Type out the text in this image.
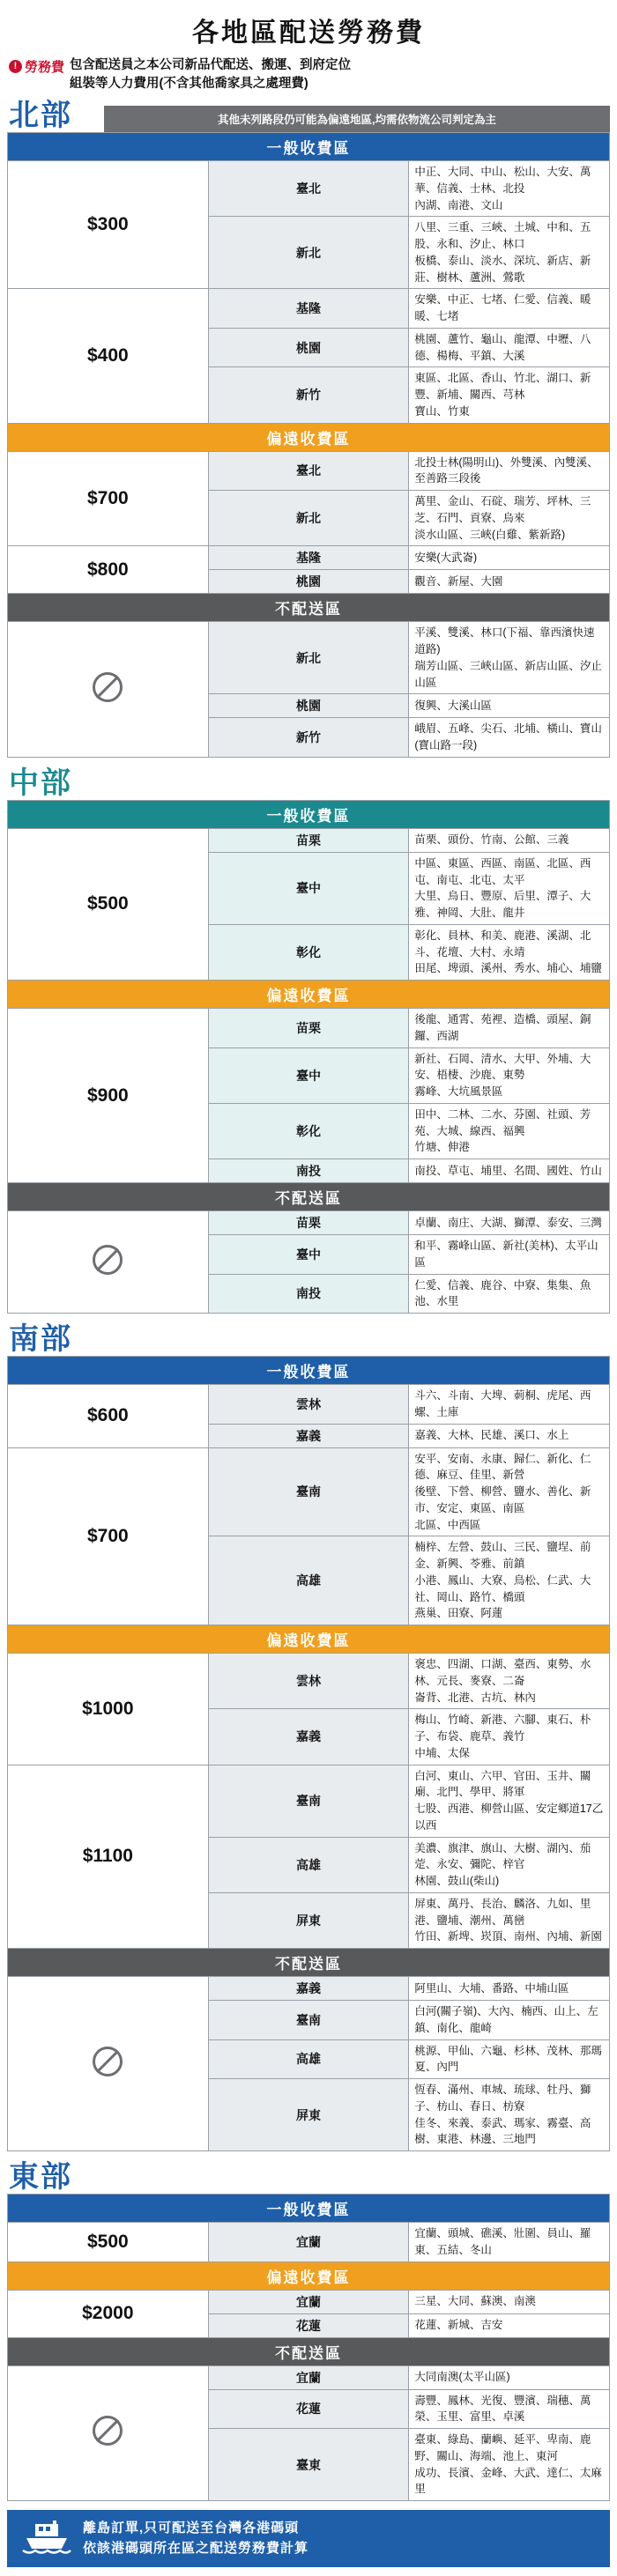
各地區配送勞務費
! 勞務費 包含配送員之本公司新品代配送、搬運、到府定位
組裝等人力費用(不含其他喬家具之處理費)
北部	其他未列路段仍可能為偏遠地區,均需依物流公司判定為主
一般收費區		
$300	臺北	中正、大同、中山、松山、大安、萬華、信義、士林、北投
內湖、南港、文山

	新北	八里、三重、三峽、土城、中和、五股、永和、汐止、林口
板橋、泰山、淡水、深坑、新店、新莊、樹林、蘆洲、鶯歌

$400	基隆	安樂、中正、七堵、仁愛、信義、暖暖、七堵

	桃園	桃園、蘆竹、龜山、龍潭、中壢、八德、楊梅、平鎮、大溪

	新竹	東區、北區、香山、竹北、湖口、新豐、新埔、關西、芎林
寶山、竹東

偏遠收費區		
$700	臺北	北投士林(陽明山)、外雙溪、內雙溪、至善路三段後

	新北	萬里、金山、石碇、瑞芳、坪林、三芝、石門、貢寮、烏來
淡水山區、三峽(白雞、紫新路)

$800	基隆	安樂(大武崙)

	桃園	觀音、新屋、大園

不配送區		
	新北	平溪、雙溪、林口(下福、靠西濱快速道路)
瑞芳山區、三峽山區、新店山區、汐止山區

	桃園	復興、大溪山區

	新竹	峨眉、五峰、尖石、北埔、橫山、寶山(寶山路一段)
中部
一般收費區		
$500	苗栗	苗栗、頭份、竹南、公館、三義

	臺中	中區、東區、西區、南區、北區、西屯、南屯、北屯、太平
大里、烏日、豐原、后里、潭子、大雅、神岡、大肚、龍井

	彰化	彰化、員林、和美、鹿港、溪湖、北斗、花壇、大村、永靖
田尾、埤頭、溪州、秀水、埔心、埔鹽

偏遠收費區		
$900	苗栗	後龍、通霄、苑裡、造橋、頭屋、銅鑼、西湖

	臺中	新社、石岡、清水、大甲、外埔、大安、梧棲、沙鹿、東勢
霧峰、大坑風景區

	彰化	田中、二林、二水、芬園、社頭、芳苑、大城、線西、福興
竹塘、伸港

	南投	南投、草屯、埔里、名間、國姓、竹山

不配送區		
	苗栗	卓蘭、南庄、大湖、獅潭、泰安、三灣

	臺中	和平、霧峰山區、新社(美林)、太平山區

	南投	仁愛、信義、鹿谷、中寮、集集、魚池、水里
南部
一般收費區		
$600	雲林	斗六、斗南、大埤、莿桐、虎尾、西螺、土庫

	嘉義	嘉義、大林、民雄、溪口、水上

$700	臺南	安平、安南、永康、歸仁、新化、仁德、麻豆、佳里、新營
後壁、下營、柳營、鹽水、善化、新市、安定、東區、南區
北區、中西區

	高雄	楠梓、左營、鼓山、三民、鹽埕、前金、新興、苓雅、前鎮
小港、鳳山、大寮、鳥松、仁武、大社、岡山、路竹、橋頭
燕巢、田寮、阿蓮

偏遠收費區		
$1000	雲林	褒忠、四湖、口湖、臺西、東勢、水林、元長、麥寮、二崙
崙背、北港、古坑、林內

	嘉義	梅山、竹崎、新港、六腳、東石、朴子、布袋、鹿草、義竹
中埔、太保

$1100	臺南	白河、東山、六甲、官田、玉井、關廟、北門、學甲、將軍
七股、西港、柳營山區、安定鄉道17乙以西

	高雄	美濃、旗津、旗山、大樹、湖內、茄萣、永安、彌陀、梓官
林園、鼓山(柴山)

	屏東	屏東、萬丹、長治、麟洛、九如、里港、鹽埔、潮州、萬巒
竹田、新埤、崁頂、南州、內埔、新園

不配送區		
	嘉義	阿里山、大埔、番路、中埔山區

	臺南	白河(關子嶺)、大內、楠西、山上、左鎮、南化、龍崎

	高雄	桃源、甲仙、六龜、杉林、茂林、那瑪夏、內門

	屏東	恆春、滿州、車城、琉球、牡丹、獅子、枋山、春日、枋寮
佳冬、來義、泰武、瑪家、霧臺、高樹、東港、林邊、三地門
東部
一般收費區		
$500	宜蘭	宜蘭、頭城、礁溪、壯圍、員山、羅東、五結、冬山

偏遠收費區		
$2000	宜蘭	三星、大同、蘇澳、南澳

	花蓮	花蓮、新城、吉安

不配送區		
	宜蘭	大同南澳(太平山區)

	花蓮	壽豐、鳳林、光復、豐濱、瑞穗、萬榮、玉里、富里、卓溪

	臺東	臺東、綠島、蘭嶼、延平、卑南、鹿野、關山、海端、池上、東河
成功、長濱、金峰、大武、達仁、太麻里
離島訂單,只可配送至台灣各港碼頭
依該港碼頭所在區之配送勞務費計算
